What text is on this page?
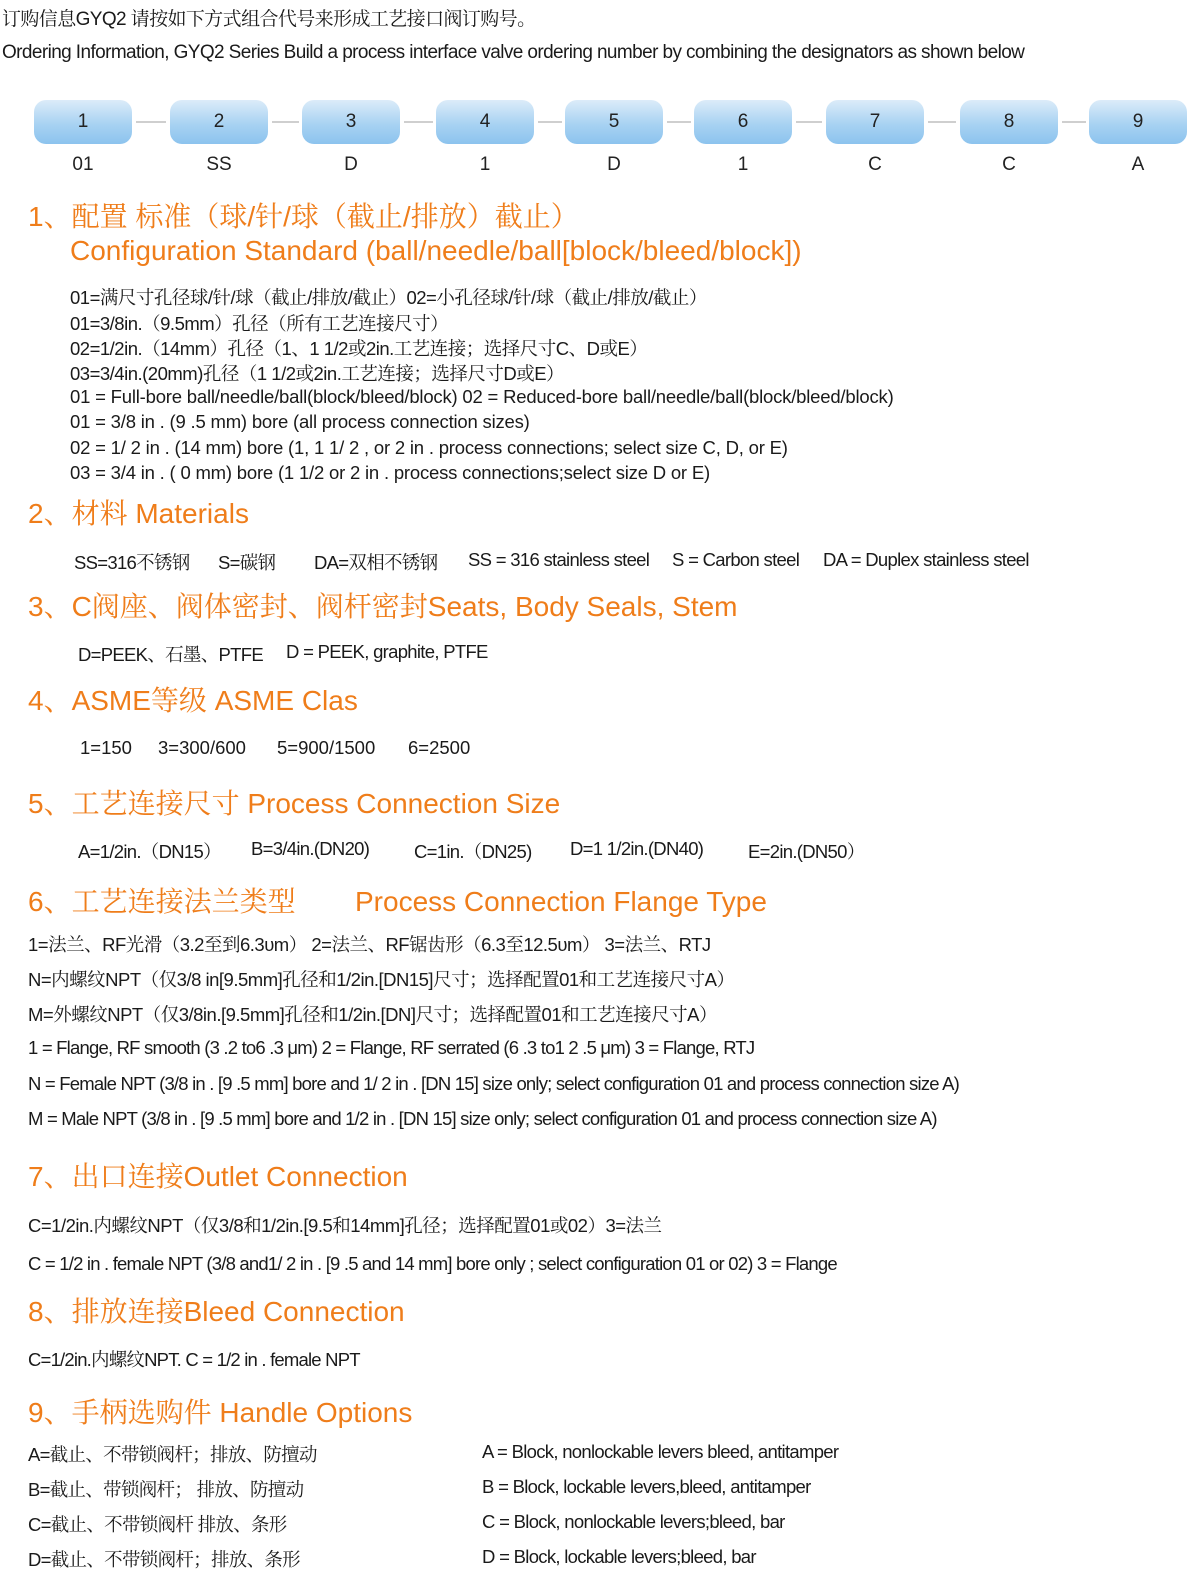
订购信息GYQ2 请按如下方式组合代号来形成工艺接口阀订购号。
Ordering Information, GYQ2 Series Build a process interface valve ordering number by combining the designators as shown below
1	2	3	4	5	6	7	8	9
01	SS	D	1	D	1	C	C	A
1、配置 标准（球/针/球（截止/排放）截止）
Configuration Standard (ball/needle/ball[block/bleed/block])
01=满尺寸孔径球/针/球（截止/排放/截止）02=小孔径球/针/球（截止/排放/截止）
01=3/8in.（9.5mm）孔径（所有工艺连接尺寸）
02=1/2in.（14mm）孔径（1、1 1/2或2in.工艺连接；选择尺寸C、D或E）
03=3/4in.(20mm)孔径（1 1/2或2in.工艺连接；选择尺寸D或E）
01 = Full-bore ball/needle/ball(block/bleed/block) 02 = Reduced-bore ball/needle/ball(block/bleed/block)
01 = 3/8 in . (9 .5 mm) bore (all process connection sizes)
02 = 1/ 2 in . (14 mm) bore (1, 1 1/ 2 , or 2 in . process connections; select size C, D, or E)
03 = 3/4 in . ( 0 mm) bore (1 1/2 or 2 in . process connections;select size D or E)
2、材料 Materials
SS=316不锈钢 S=碳钢 DA=双相不锈钢 SS = 316 stainless steel S = Carbon steel DA = Duplex stainless steel
3、C阀座、阀体密封、阀杆密封Seats, Body Seals, Stem
D=PEEK、石墨、PTFE D = PEEK, graphite, PTFE
4、ASME等级 ASME Clas
1=150 3=300/600 5=900/1500 6=2500
5、工艺连接尺寸 Process Connection Size
A=1/2in.（DN15） B=3/4in.(DN20) C=1in.（DN25) D=1 1/2in.(DN40) E=2in.(DN50）
6、工艺连接法兰类型 Process Connection Flange Type
1=法兰、RF光滑（3.2至到6.3υm） 2=法兰、RF锯齿形（6.3至12.5υm） 3=法兰、RTJ
N=内螺纹NPT（仅3/8 in[9.5mm]孔径和1/2in.[DN15]尺寸；选择配置01和工艺连接尺寸A）
M=外螺纹NPT（仅3/8in.[9.5mm]孔径和1/2in.[DN]尺寸；选择配置01和工艺连接尺寸A）
1 = Flange, RF smooth (3 .2 to6 .3 μm) 2 = Flange, RF serrated (6 .3 to1 2 .5 μm) 3 = Flange, RTJ
N = Female NPT (3/8 in . [9 .5 mm] bore and 1/ 2 in . [DN 15] size only; select configuration 01 and process connection size A)
M = Male NPT (3/8 in . [9 .5 mm] bore and 1/2 in . [DN 15] size only; select configuration 01 and process connection size A)
7、出口连接Outlet Connection
C=1/2in.内螺纹NPT（仅3/8和1/2in.[9.5和14mm]孔径；选择配置01或02）3=法兰
C = 1/2 in . female NPT (3/8 and1/ 2 in . [9 .5 and 14 mm] bore only ; select configuration 01 or 02) 3 = Flange
8、排放连接Bleed Connection
C=1/2in.内螺纹NPT. C = 1/2 in . female NPT
9、手柄选购件 Handle Options
A=截止、不带锁阀杆；排放、防擅动	A = Block, nonlockable levers bleed, antitamper
B=截止、带锁阀杆； 排放、防擅动	B = Block, lockable levers,bleed, antitamper
C=截止、不带锁阀杆 排放、条形	C = Block, nonlockable levers;bleed, bar
D=截止、不带锁阀杆；排放、条形	D = Block, lockable levers;bleed, bar
